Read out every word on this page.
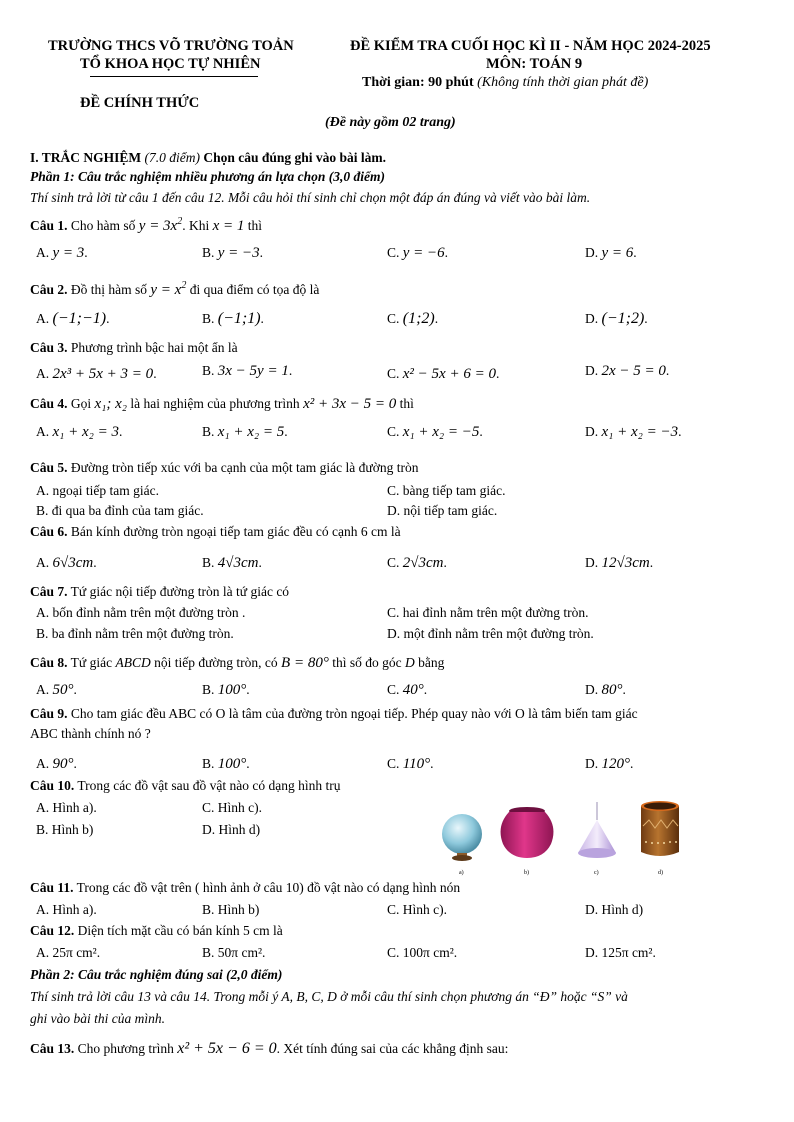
TRƯỜNG THCS VÕ TRƯỜNG TOẢN
TỔ KHOA HỌC TỰ NHIÊN
ĐỀ CHÍNH THỨC
ĐỀ KIỂM TRA CUỐI HỌC KÌ II - NĂM HỌC 2024-2025
MÔN: TOÁN 9
Thời gian: 90 phút (Không tính thời gian phát đề)
(Đề này gồm 02 trang)
I. TRẮC NGHIỆM (7.0 điểm) Chọn câu đúng ghi vào bài làm.
Phần 1: Câu trắc nghiệm nhiều phương án lựa chọn (3,0 điểm)
Thí sinh trả lời từ câu 1 đến câu 12. Mỗi câu hỏi thí sinh chỉ chọn một đáp án đúng và viết vào bài làm.
Câu 1. Cho hàm số $y = 3x^2$. Khi x = 1 thì
A. y = 3.	B. y = −3.	C. y = −6.	D. y = 6.
Câu 2. Đồ thị hàm số $y = x^2$ đi qua điểm có tọa độ là
A. (−1;−1).	B. (−1;1).	C. (1;2).	D. (−1;2).
Câu 3. Phương trình bậc hai một ẩn là
A. 2x³ + 5x + 3 = 0.	B. 3x − 5y = 1.	C. x² − 5x + 6 = 0.	D. 2x − 5 = 0.
Câu 4. Gọi x₁; x₂ là hai nghiệm của phương trình x² + 3x − 5 = 0 thì
A. x₁ + x₂ = 3.	B. x₁ + x₂ = 5.	C. x₁ + x₂ = −5.	D. x₁ + x₂ = −3.
Câu 5. Đường tròn tiếp xúc với ba cạnh của một tam giác là đường tròn
A. ngoại tiếp tam giác.	C. bàng tiếp tam giác.
B. đi qua ba đỉnh của tam giác.	D. nội tiếp tam giác.
Câu 6. Bán kính đường tròn ngoại tiếp tam giác đều có cạnh 6 cm là
A. 6√3cm.	B. 4√3cm.	C. 2√3cm.	D. 12√3cm.
Câu 7. Tứ giác nội tiếp đường tròn là tứ giác có
A. bốn đỉnh nằm trên một đường tròn .	C. hai đỉnh nằm trên một đường tròn.
B. ba đỉnh nằm trên một đường tròn.	D. một đỉnh nằm trên một đường tròn.
Câu 8. Tứ giác ABCD nội tiếp đường tròn, có B = 80° thì số đo góc D bằng
A. 50°.	B. 100°.	C. 40°.	D. 80°.
Câu 9. Cho tam giác đều ABC có O là tâm của đường tròn ngoại tiếp. Phép quay nào với O là tâm biến tam giác
ABC thành chính nó ?
A. 90°.	B. 100°.	C. 110°.	D. 120°.
Câu 10. Trong các đồ vật sau đồ vật nào có dạng hình trụ
A. Hình a).	C. Hình c).
B. Hình b)	D. Hình d)
a)	b)	c)	d)
Câu 11. Trong các đồ vật trên ( hình ảnh ở câu 10) đồ vật nào có dạng hình nón
A. Hình a).	B. Hình b)	C. Hình c).	D. Hình d)
Câu 12. Diện tích mặt cầu có bán kính 5 cm là
A. 25π cm².	B. 50π cm².	C. 100π cm².	D. 125π cm².
Phần 2: Câu trắc nghiệm đúng sai (2,0 điểm)
Thí sinh trả lời câu 13 và câu 14. Trong mỗi ý A, B, C, D ở mỗi câu thí sinh chọn phương án “Đ” hoặc “S” và
ghi vào bài thi của mình.
Câu 13. Cho phương trình x² + 5x − 6 = 0. Xét tính đúng sai của các khẳng định sau:
